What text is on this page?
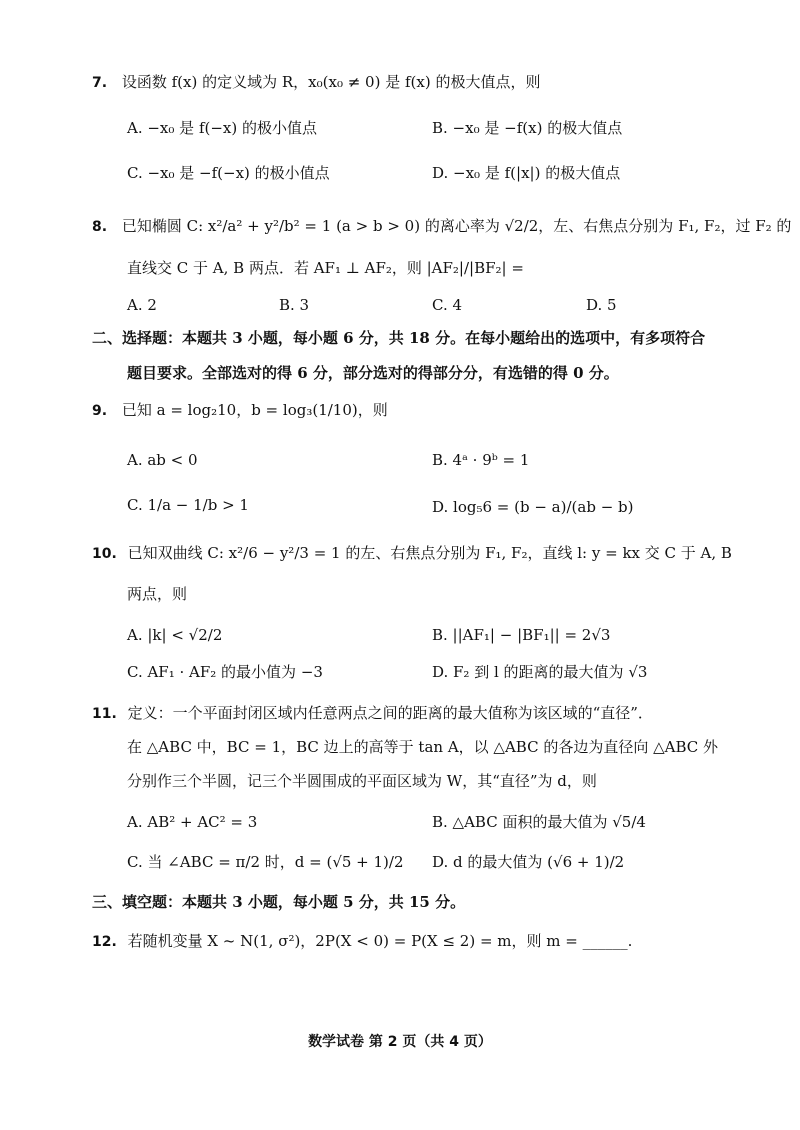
7. 设函数 f(x) 的定义域为 R，x₀(x₀ ≠ 0) 是 f(x) 的极大值点，则
A. −x₀ 是 f(−x) 的极小值点	B. −x₀ 是 −f(x) 的极大值点
C. −x₀ 是 −f(−x) 的极小值点	D. −x₀ 是 f(|x|) 的极大值点
8. 已知椭圆 C: x²/a² + y²/b² = 1 (a > b > 0) 的离心率为 √2/2，左、右焦点分别为 F₁, F₂，过 F₂ 的
直线交 C 于 A, B 两点．若 AF₁ ⊥ AF₂，则 |AF₂|/|BF₂| =
A. 2	B. 3	C. 4	D. 5
二、选择题：本题共 3 小题，每小题 6 分，共 18 分。在每小题给出的选项中，有多项符合
题目要求。全部选对的得 6 分，部分选对的得部分分，有选错的得 0 分。
9. 已知 a = log₂10，b = log₃(1/10)，则
A. ab < 0	B. 4ᵃ · 9ᵇ = 1
C. 1/a − 1/b > 1	D. log₅6 = (b − a)/(ab − b)
10. 已知双曲线 C: x²/6 − y²/3 = 1 的左、右焦点分别为 F₁, F₂，直线 l: y = kx 交 C 于 A, B
两点，则
A. |k| < √2/2	B. ||AF₁| − |BF₁|| = 2√3
C. AF₁ · AF₂ 的最小值为 −3	D. F₂ 到 l 的距离的最大值为 √3
11. 定义：一个平面封闭区域内任意两点之间的距离的最大值称为该区域的“直径”．
在 △ABC 中，BC = 1，BC 边上的高等于 tan A，以 △ABC 的各边为直径向 △ABC 外
分别作三个半圆，记三个半圆围成的平面区域为 W，其“直径”为 d，则
A. AB² + AC² = 3	B. △ABC 面积的最大值为 √5/4
C. 当 ∠ABC = π/2 时，d = (√5 + 1)/2 D. d 的最大值为 (√6 + 1)/2
三、填空题：本题共 3 小题，每小题 5 分，共 15 分。
12. 若随机变量 X ~ N(1, σ²)，2P(X < 0) = P(X ≤ 2) = m，则 m = ______.
数学试卷 第 2 页（共 4 页）
